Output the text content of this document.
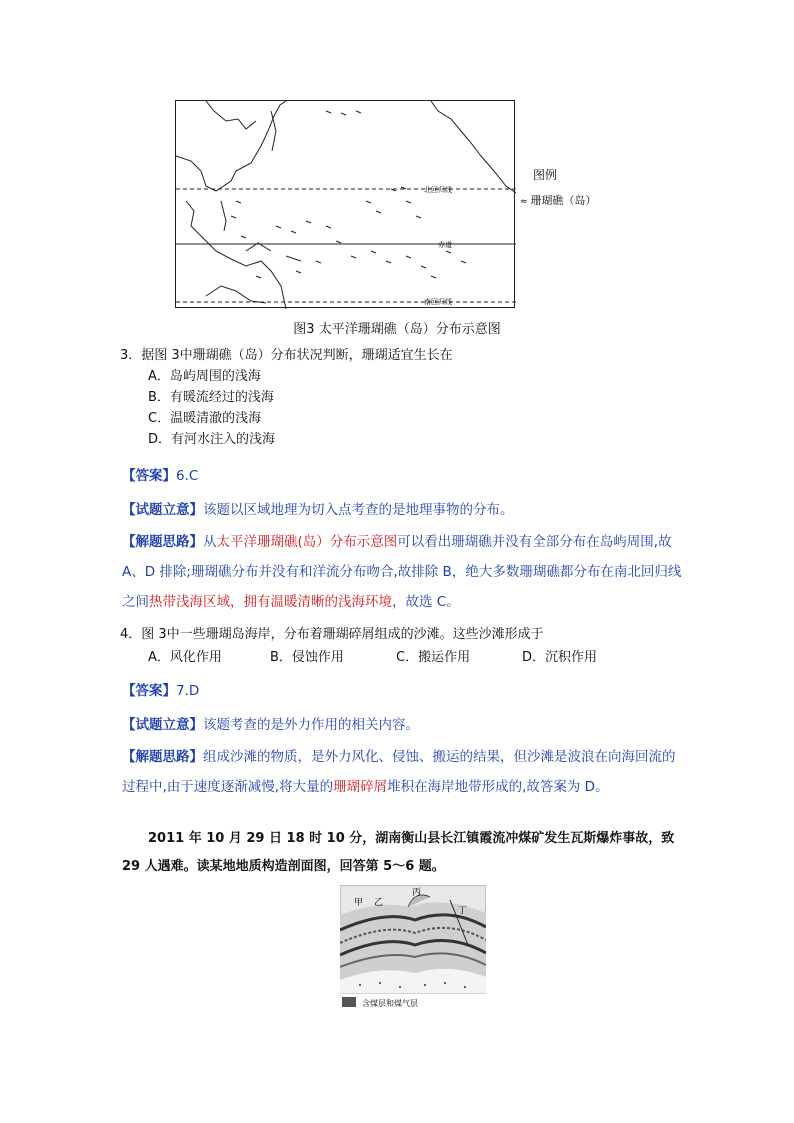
北回归线
赤道
南回归线
图例
≈ 珊瑚礁（岛）
图3 太平洋珊瑚礁（岛）分布示意图
3．据图 3中珊瑚礁（岛）分布状况判断，珊瑚适宜生长在
A．岛屿周围的浅海
B．有暖流经过的浅海
C．温暖清澈的浅海
D．有河水注入的浅海
【答案】6.C
【试题立意】该题以区域地理为切入点考查的是地理事物的分布。
【解题思路】从太平洋珊瑚礁(岛）分布示意图可以看出珊瑚礁并没有全部分布在岛屿周围,故 A、D 排除;珊瑚礁分布并没有和洋流分布吻合,故排除 B，绝大多数珊瑚礁都分布在南北回归线之间热带浅海区域，拥有温暖清晰的浅海环境，故选 C。
4．图 3中一些珊瑚岛海岸，分布着珊瑚碎屑组成的沙滩。这些沙滩形成于
A．风化作用	B．侵蚀作用	C．搬运作用	D．沉积作用
【答案】7.D
【试题立意】该题考查的是外力作用的相关内容。
【解题思路】组成沙滩的物质，是外力风化、侵蚀、搬运的结果，但沙滩是波浪在向海回流的过程中,由于速度逐渐减慢,将大量的珊瑚碎屑堆积在海岸地带形成的,故答案为 D。
2011 年 10 月 29 日 18 时 10 分，湖南衡山县长江镇霞流冲煤矿发生瓦斯爆炸事故，致 29 人遇难。读某地地质构造剖面图，回答第 5～6 题。
甲 乙
丙
丁
含煤层和煤气层
